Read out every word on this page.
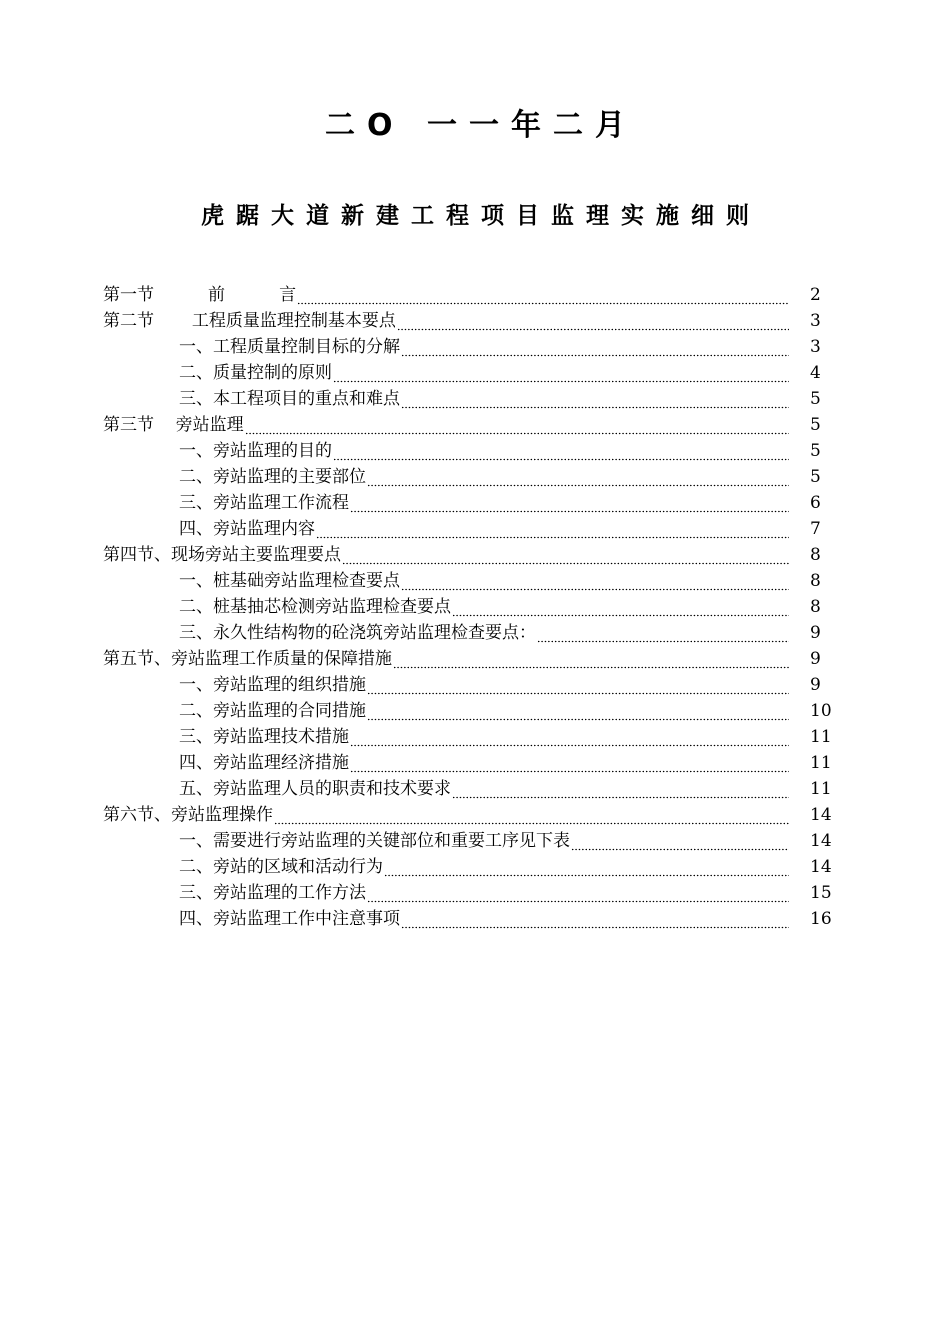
二O 一一年二月
虎踞大道新建工程项目监理实施细则
第一节          前          言	2
第二节       工程质量监理控制基本要点	3
一、工程质量控制目标的分解	3
二、质量控制的原则	4
三、本工程项目的重点和难点	5
第三节    旁站监理	5
一、旁站监理的目的	5
二、旁站监理的主要部位	5
三、旁站监理工作流程	6
四、旁站监理内容	7
第四节、现场旁站主要监理要点	8
一、桩基础旁站监理检查要点	8
二、桩基抽芯检测旁站监理检查要点	8
三、永久性结构物的砼浇筑旁站监理检查要点：	9
第五节、旁站监理工作质量的保障措施	9
一、旁站监理的组织措施	9
二、旁站监理的合同措施	10
三、旁站监理技术措施	11
四、旁站监理经济措施	11
五、旁站监理人员的职责和技术要求	11
第六节、旁站监理操作	14
一、需要进行旁站监理的关键部位和重要工序见下表	14
二、旁站的区域和活动行为	14
三、旁站监理的工作方法	15
四、旁站监理工作中注意事项	16
